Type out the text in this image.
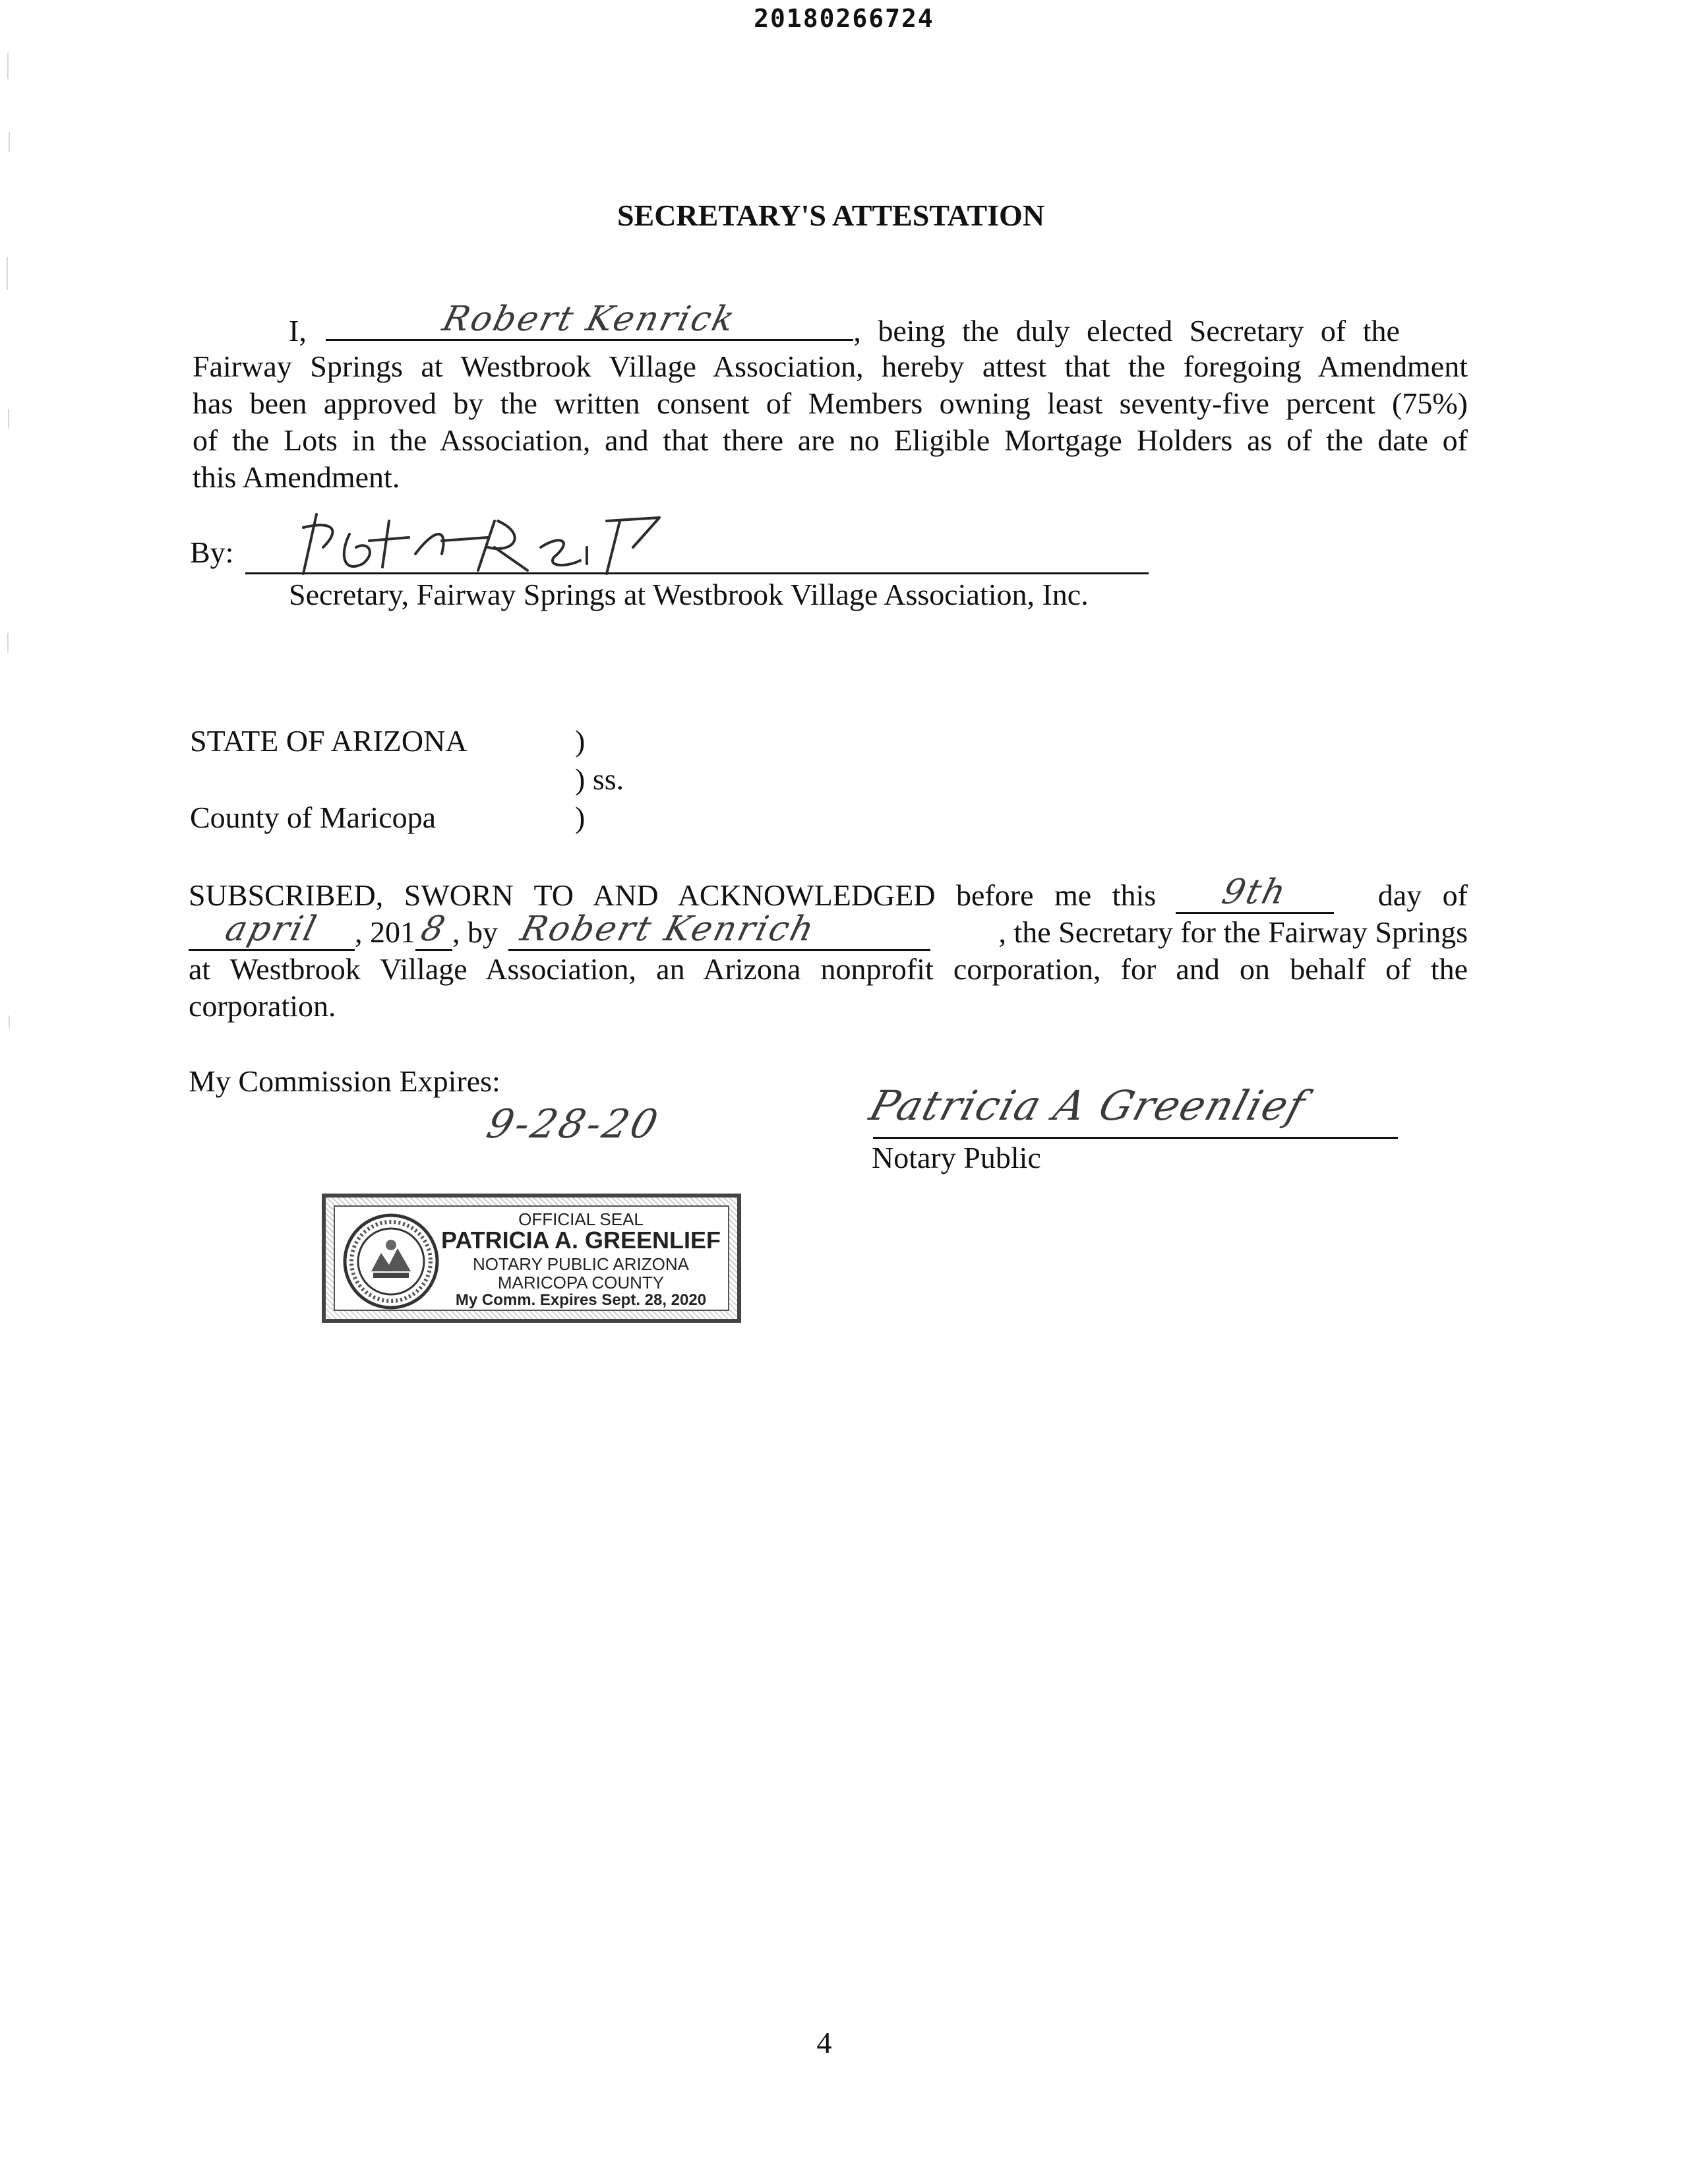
20180266724
SECRETARY'S ATTESTATION
I,	Robert Kenrick	, being the duly elected Secretary of the
Fairway Springs at Westbrook Village Association, hereby attest that the foregoing Amendment
has been approved by the written consent of Members owning least seventy-five percent (75%)
of the Lots in the Association, and that there are no Eligible Mortgage Holders as of the date of
this Amendment.
By:
Secretary, Fairway Springs at Westbrook Village Association, Inc.
STATE OF ARIZONA	)
) ss.
County of Maricopa	)
SUBSCRIBED, SWORN TO AND ACKNOWLEDGED before me this	9th	day of
april	, 201 8 , by Robert Kenrich	, the Secretary for the Fairway Springs
at Westbrook Village Association, an Arizona nonprofit corporation, for and on behalf of the
corporation.
My Commission Expires:
9-28-20	Patricia A Greenlief
Notary Public
OFFICIAL SEAL
PATRICIA A. GREENLIEF
NOTARY PUBLIC ARIZONA
MARICOPA COUNTY
My Comm. Expires Sept. 28, 2020
4
